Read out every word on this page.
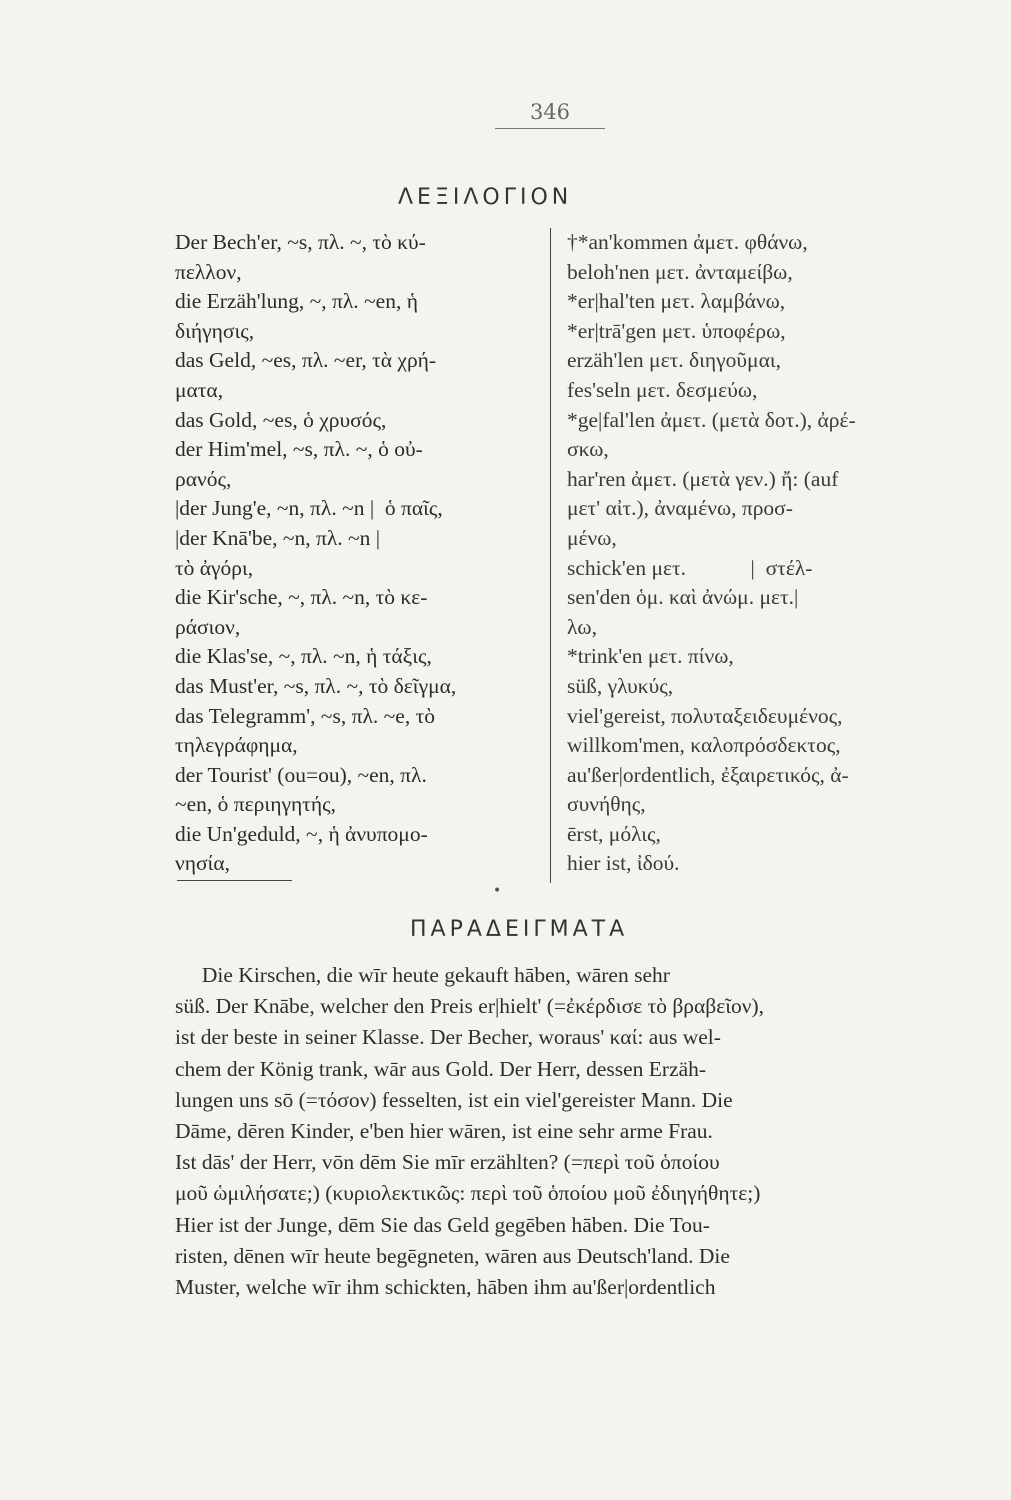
346
ΛΕΞΙΛΟΓΙΟΝ
Der Bech'er, ~s, πλ. ~, τὸ κύ-
πελλον,
die Erzäh'lung, ~, πλ. ~en, ἡ
διήγησις,
das Geld, ~es, πλ. ~er, τὰ χρή-
ματα,
das Gold, ~es, ὁ χρυσός,
der Him'mel, ~s, πλ. ~, ὁ οὐ-
ρανός,
|der Jung'e, ~n, πλ. ~n |  ὁ παῖς,
|der Knā'be, ~n, πλ. ~n |
τὸ ἀγόρι,
die Kir'sche, ~, πλ. ~n, τὸ κε-
ράσιον,
die Klas'se, ~, πλ. ~n, ἡ τάξις,
das Must'er, ~s, πλ. ~, τὸ δεῖγμα,
das Telegramm', ~s, πλ. ~e, τὸ
τηλεγράφημα,
der Tourist' (ou=ou), ~en, πλ.
~en, ὁ περιηγητής,
die Un'geduld, ~, ἡ ἀνυπομο-
νησία,
†*an'kommen ἀμετ. φθάνω,
beloh'nen μετ. ἀνταμείβω,
*er|hal'ten μετ. λαμβάνω,
*er|trā'gen μετ. ὑποφέρω,
erzäh'len μετ. διηγοῦμαι,
fes'seln μετ. δεσμεύω,
*ge|fal'len ἀμετ. (μετὰ δοτ.), ἀρέ-
σκω,
har'ren ἀμετ. (μετὰ γεν.) ἤ: (auf
μετ' αἰτ.), ἀναμένω, προσ-
μένω,
schick'en μετ.            |  στέλ-
sen'den ὁμ. καὶ ἀνώμ. μετ.|
λω,
*trink'en μετ. πίνω,
süß, γλυκύς,
viel'gereist, πολυταξειδευμένος,
willkom'men, καλοπρόσδεκτος,
au'ßer|ordentlich, ἐξαιρετικός, ἀ-
συνήθης,
ērst, μόλις,
hier ist, ἰδού.
•
ΠΑΡΑΔΕΙΓΜΑΤΑ
Die Kirschen, die wīr heute gekauft hāben, wāren sehr
süß. Der Knābe, welcher den Preis er|hielt' (=ἐκέρδισε τὸ βραβεῖον),
ist der beste in seiner Klasse. Der Becher, woraus' καί: aus wel-
chem der König trank, wār aus Gold. Der Herr, dessen Erzäh-
lungen uns sō (=τόσον) fesselten, ist ein viel'gereister Mann. Die
Dāme, dēren Kinder, e'ben hier wāren, ist eine sehr arme Frau.
Ist dās' der Herr, vōn dēm Sie mīr erzählten? (=περὶ τοῦ ὁποίου
μοῦ ὡμιλήσατε;) (κυριολεκτικῶς: περὶ τοῦ ὁποίου μοῦ ἐδιηγήθητε;)
Hier ist der Junge, dēm Sie das Geld gegēben hāben. Die Tou-
risten, dēnen wīr heute begēgneten, wāren aus Deutsch'land. Die
Muster, welche wīr ihm schickten, hāben ihm au'ßer|ordentlich
